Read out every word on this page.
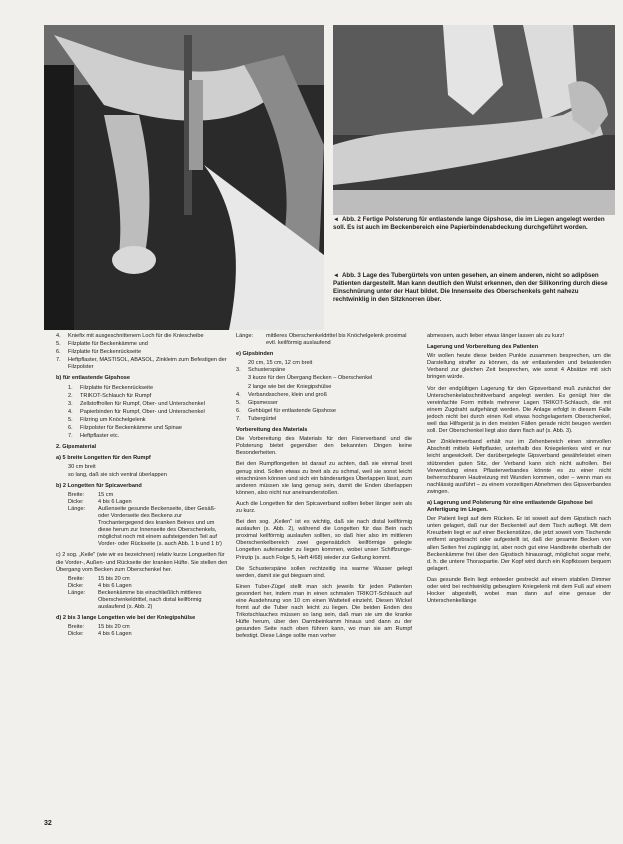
◄ Abb. 2 Fertige Polsterung für entlastende lange Gipshose, die im Liegen angelegt werden soll. Es ist auch im Beckenbereich eine Papierbindenabdeckung durchgeführt worden.
◄ Abb. 3 Lage des Tubergürtels von unten gesehen, an einem anderen, nicht so adipösen Patienten dargestellt. Man kann deutlich den Wulst erkennen, den der Silikonring durch diese Einschnürung unter der Haut bildet. Die Innenseite des Oberschenkels geht nahezu rechtwinklig in den Sitzknorren über.
4.	Kniefix mit ausgeschnittenem Loch für die Kniescheibe
5.	Filzplatte für Beckenkämme und
6.	Filzplatte für Beckenrückseite
7.	Heftpflaster, MASTISOL, ABASOL, Zinkleim zum Befestigen der Filzpolster
b) für entlastende Gipshose
1.	Filzplatte für Beckenrückseite
2.	TRIKOT-Schlauch für Rumpf
3.	Zellstoffrollen für Rumpf, Ober- und Unterschenkel
4.	Papierbinden für Rumpf, Ober- und Unterschenkel
5.	Filzring um Knöchelgelenk
6.	Filzpolster für Beckenkämme und Spinae
7.	Heftpflaster etc.
2. Gipsmaterial
a) 5 breite Longetten für den Rumpf
30 cm breit
so lang, daß sie sich ventral überlappen
b) 2 Longetten für Spicaverband
Breite:	15 cm
Dicke:	4 bis 6 Lagen
Länge:	Außenseite gesunde Beckenseite, über Gesäß- oder Vorderseite des Beckens zur Trochantergegend des kranken Beines und um diese herum zur Innenseite des Oberschenkels, möglichst noch mit einem aufsteigenden Teil auf Vorder- oder Rückseite (s. auch Abb. 1 b und 1 b')
c) 2 sog. „Keile" (wie wir es bezeichnen) relativ kurze Longuetten für die Vorder-, Außen- und Rückseite der kranken Hüfte. Sie stellen den Übergang vom Becken zum Oberschenkel her.
Breite:	15 bis 20 cm
Dicke:	4 bis 6 Lagen
Länge:	Beckenkämme bis einschließlich mittleres Oberschenkeldrittel, nach distal keilförmig auslaufend (s. Abb. 2)
d) 2 bis 3 lange Longetten wie bei der Kniegipshülse
Breite:	15 bis 20 cm
Dicke:	4 bis 6 Lagen
Länge:	mittleres Oberschenkeldrittel bis Knöchelgelenk proximal evtl. keilförmig auslaufend
e) Gipsbinden
20 cm, 15 cm, 12 cm breit
3.	Schusterspäne
3 kurze für den Übergang Becken – Oberschenkel
2 lange wie bei der Kniegipshülse
4.	Verbandsschere, klein und groß
5.	Gipsmesser
6.	Gehbügel für entlastende Gipshose
7.	Tubergürtel
Vorbereitung des Materials

Die Vorbereitung des Materials für den Fixierverband und die Polsterung bietet gegenüber den bekannten Dingen keine Besonderheiten.

Bei den Rumpflongetten ist darauf zu achten, daß sie einmal breit genug sind. Sollen etwas zu breit als zu schmal, weil sie sonst leicht einschnüren können und sich ein bänderartiges Überlappen lässt, zum anderen müssen sie lang genug sein, damit die Enden überlappen können, also nicht nur aneinanderstoßen.

Auch die Longetten für den Spicaverband sollten lieber länger sein als zu kurz.

Bei den sog. „Keilen" ist es wichtig, daß sie nach distal keilförmig auslaufen (s. Abb. 2), während die Longetten für das Bein nach proximal keilförmig auslaufen sollten, so daß hier also im mittleren Oberschenkelbereich zwei gegensätzlich keilförmige gelegte Longetten aufeinander zu liegen kommen, wobei unser Schiffzunge-Prinzip (s. auch Folge 5, Heft 4/68) wieder zur Geltung kommt.

Die Schusterspäne sollen rechtzeitig ins warme Wasser gelegt werden, damit sie gut biegsam sind.

Einen Tuber-Zügel stellt man sich jeweils für jeden Patienten gesondert her, indem man in einen schmalen TRIKOT-Schlauch auf eine Ausdehnung von 10 cm einen Watteteil einzieht. Diesen Wickel formt auf die Tuber nach leicht zu liegen. Die beiden Enden des Trikotschlauches müssen so lang sein, daß man sie um die kranke Hüfte herum, über den Darmbeinkamm hinaus und dann zu der gesunden Seite nach oben führen kann, wo man sie am Rumpf befestigt. Diese Länge sollte man vorher

abmessen, auch lieber etwas länger lassen als zu kurz!

Lagerung und Vorbereitung des Patienten

Wir wollen heute diese beiden Punkte zusammen besprechen, um die Darstellung straffer zu können, da wir entlastenden und belastenden Verband zur gleichen Zeit besprechen, wie sonst 4 Absätze mit sich bringen würde.

Vor der endgültigen Lagerung für den Gipsverband muß zunächst der Unterschenkelabschnittverband angelegt werden. Es genügt hier die vereinfachte Form mittels mehrerer Lagen TRIKOT-Schlauch, die mit einem Zugdraht aufgehängt werden. Die Anlage erfolgt in diesem Falle jedoch nicht bei durch einen Keil etwas hochgelagertem Oberschenkel, weil das Hilfsgerät ja in den meisten Fällen gerade nicht beugen werden soll. Der Oberschenkel liegt also dann flach auf (s. Abb. 3).

Der Zinkleimverband erhält nur im Zehenbereich einen sinnvollen Abschnitt mittels Heftpflaster, unterhalb des Kniegelenkes wird er nur leicht angewickelt. Der darübergelegte Gipsverband gewährleistet einen stützenden guten Sitz, der Verband kann sich nicht aufrollen. Bei Verwendung eines Pflasterverbandes könnte es zu einer nicht beherrschbaren Hautreizung mit Wunden kommen, oder – wenn man es nachlässig ausführt – zu einem vorzeitigen Abnehmen des Gipsverbandes zwingen.

a) Lagerung und Polsterung für eine entlastende Gipshose bei Anfertigung im Liegen.

Der Patient liegt auf dem Rücken. Er ist soweit auf dem Gipstisch nach unten gelagert, daß nur der Beckenteil auf dem Tisch aufliegt. Mit dem Kreuzbein liegt er auf einer Beckenstütze, die jetzt soweit vom Tischende entfernt angebracht oder aufgestellt ist, daß der gesamte Becken von allen Seiten frei zugängig ist, aber noch gut eine Handbreite oberhalb der Beckenkämme frei über den Gipstisch hinausragt, möglichst sogar mehr, d. h. die untere Thoraxpartie. Der Kopf wird durch ein Kopfkissen bequem gelagert.

Das gesunde Bein liegt entweder gestreckt auf einem stabilen Dimmer oder wird bei rechtwinklig gebeugtem Kniegelenk mit dem Fuß auf einem Hocker abgestellt, wobei man dann auf eine genaue der Unterschenkellänge

32
